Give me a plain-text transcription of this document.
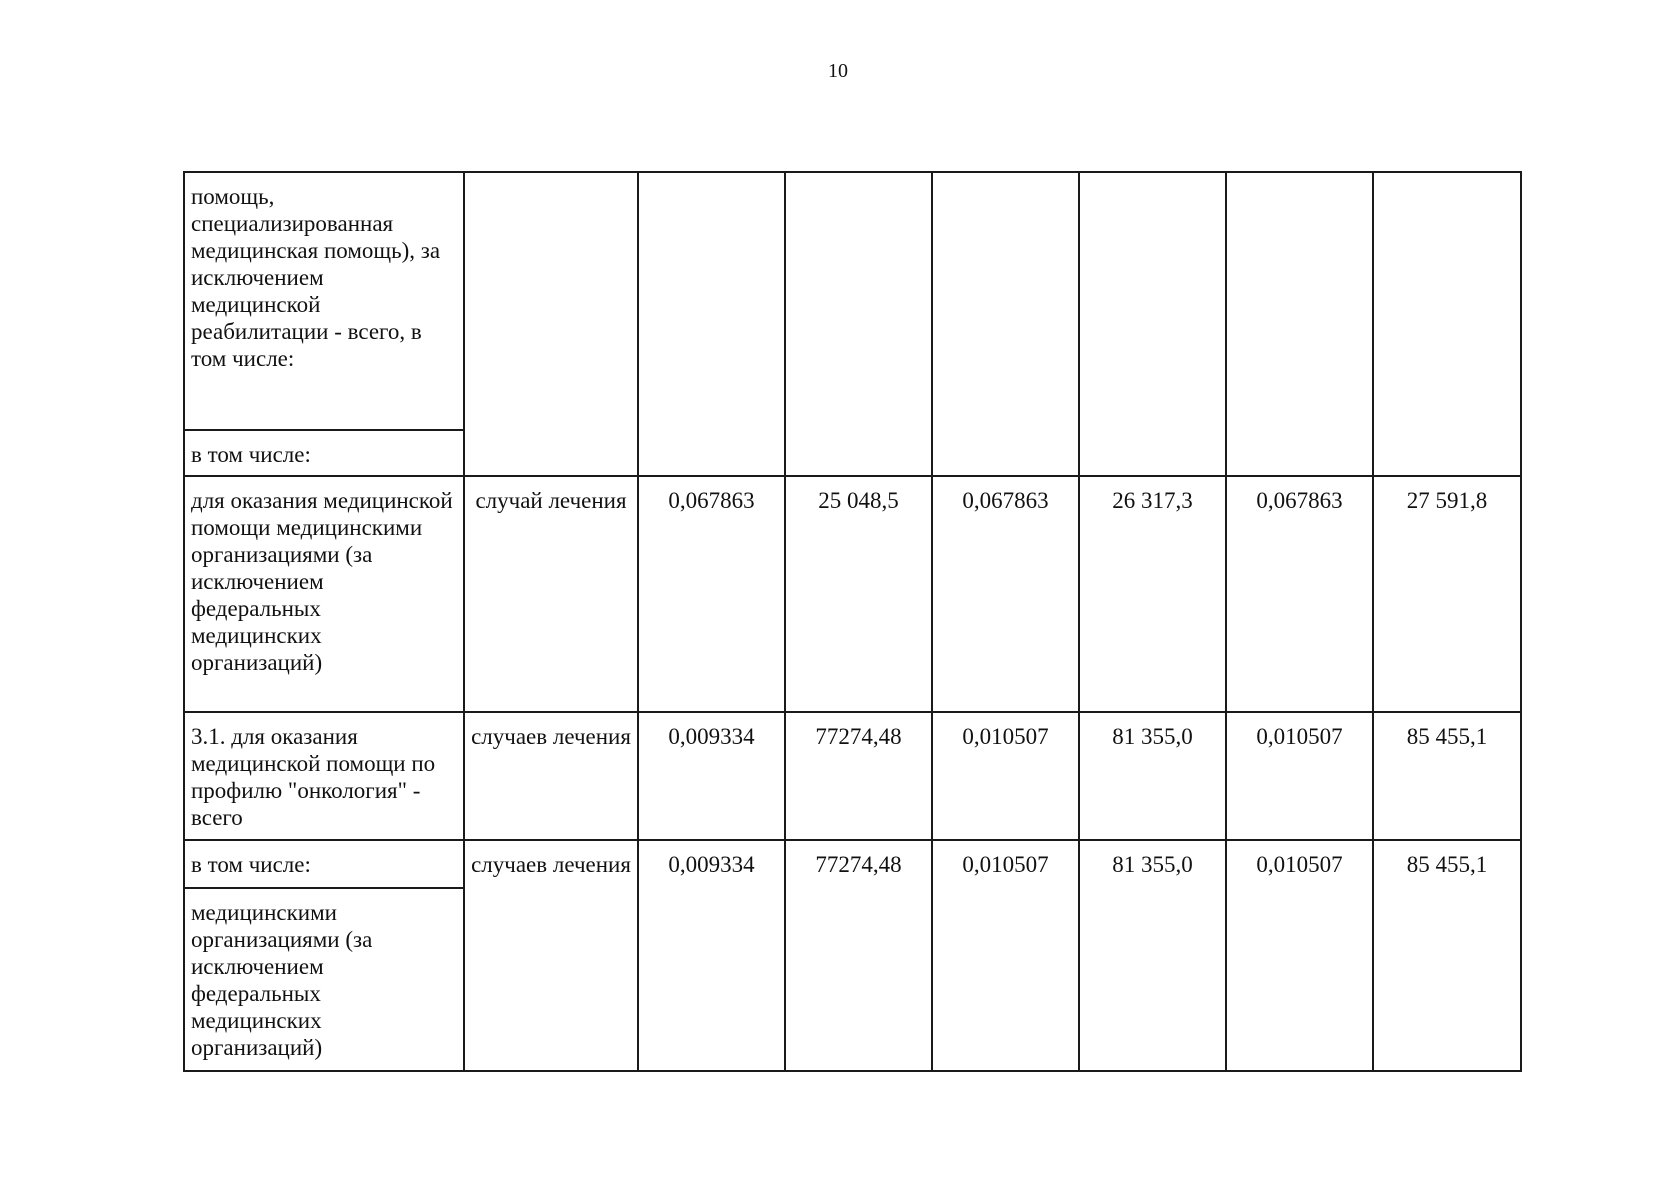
10
помощь, специализированная медицинская помощь), за исключением медицинской реабилитации - всего, в том числе:							
в том числе:							
для оказания медицинской помощи медицинскими организациями (за исключением федеральных медицинских организаций)	случай лечения	0,067863	25 048,5	0,067863	26 317,3	0,067863	27 591,8
3.1. для оказания медицинской помощи по профилю "онкология" - всего	случаев лечения	0,009334	77274,48	0,010507	81 355,0	0,010507	85 455,1
в том числе:	случаев лечения	0,009334	77274,48	0,010507	81 355,0	0,010507	85 455,1
медицинскими организациями (за исключением федеральных медицинских организаций)							
